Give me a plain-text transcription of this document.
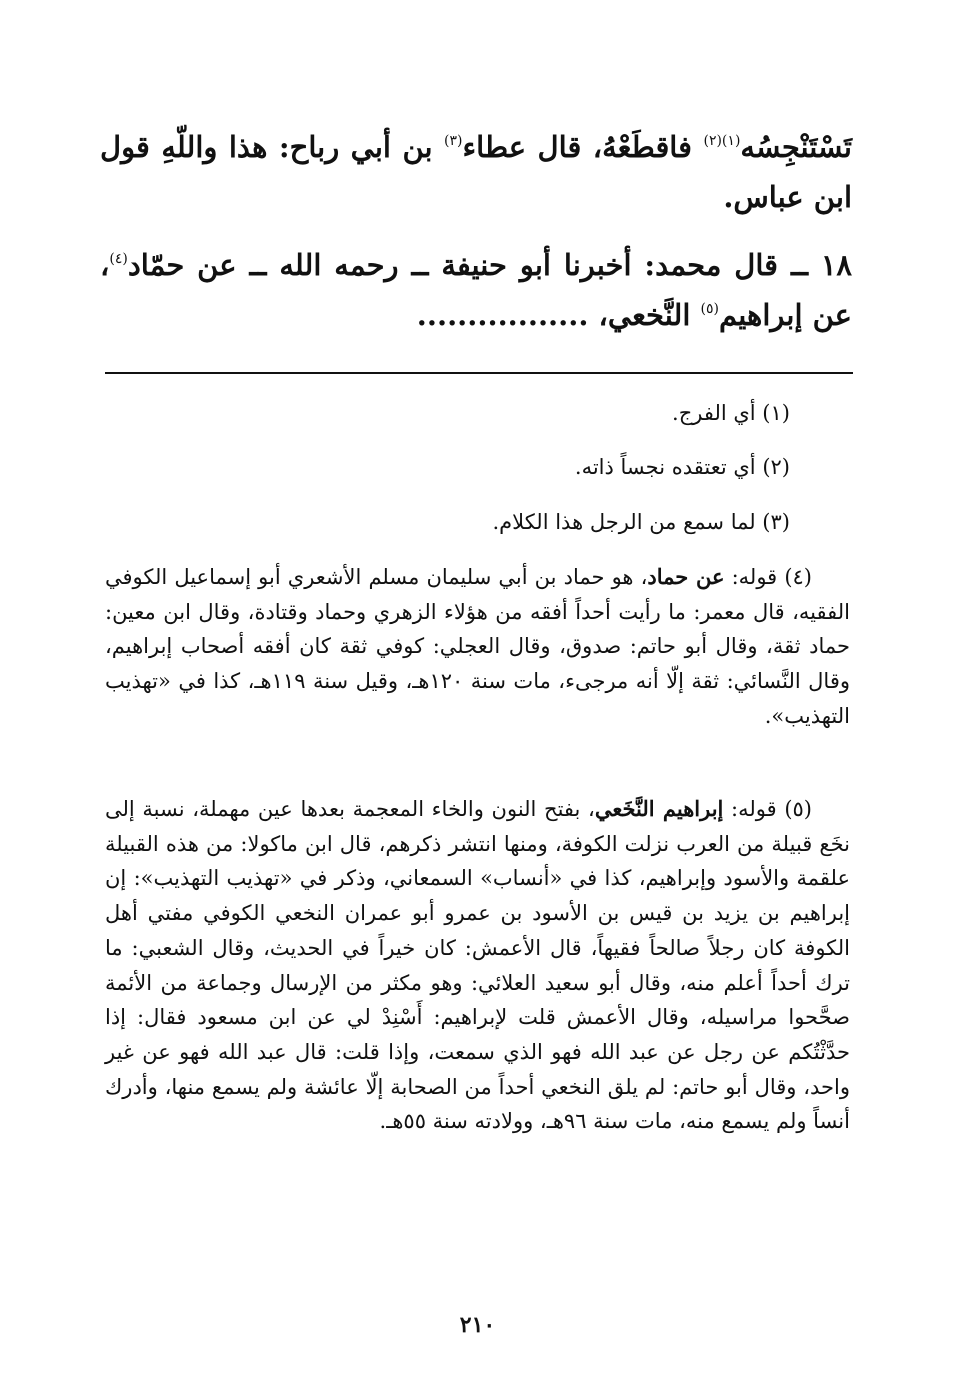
تَسْتَنْجِسُه$^{(١)(٢)}$ فاقطَعْهُ، قال عطاء$^{(٣)}$ بن أبي رباح: هذا واللّهِ قول ابن عباس.
١٨ ــ قال محمد: أخبرنا أبو حنيفة ــ رحمه الله ــ عن حمّاد$^{(٤)}$، عن إبراهيم$^{(٥)}$ النَّخعي، .................
(١) أي الفرج.
(٢) أي تعتقده نجساً ذاته.
(٣) لما سمع من الرجل هذا الكلام.
(٤) قوله: عن حماد، هو حماد بن أبي سليمان مسلم الأشعري أبو إسماعيل الكوفي الفقيه، قال معمر: ما رأيت أحداً أفقه من هؤلاء الزهري وحماد وقتادة، وقال ابن معين: حماد ثقة، وقال أبو حاتم: صدوق، وقال العجلي: كوفي ثقة كان أفقه أصحاب إبراهيم، وقال النَّسائي: ثقة إلّا أنه مرجىء، مات سنة ١٢٠هـ، وقيل سنة ١١٩هـ، كذا في «تهذيب التهذيب».
(٥) قوله: إبراهيم النَّخَعي، بفتح النون والخاء المعجمة بعدها عين مهملة، نسبة إلى نخَع قبيلة من العرب نزلت الكوفة، ومنها انتشر ذكرهم، قال ابن ماكولا: من هذه القبيلة علقمة والأسود وإبراهيم، كذا في «أنساب» السمعاني، وذكر في «تهذيب التهذيب»: إن إبراهيم بن يزيد بن قيس بن الأسود بن عمرو أبو عمران النخعي الكوفي مفتي أهل الكوفة كان رجلاً صالحاً فقيهاً، قال الأعمش: كان خيراً في الحديث، وقال الشعبي: ما ترك أحداً أعلم منه، وقال أبو سعيد العلائي: وهو مكثر من الإرسال وجماعة من الأئمة صحَّحوا مراسيله، وقال الأعمش قلت لإبراهيم: أَسْنِدْ لي عن ابن مسعود فقال: إذا حدَّثْتُكم عن رجل عن عبد الله فهو الذي سمعت، وإذا قلت: قال عبد الله فهو عن غير واحد، وقال أبو حاتم: لم يلق النخعي أحداً من الصحابة إلّا عائشة ولم يسمع منها، وأدرك أنساً ولم يسمع منه، مات سنة ٩٦هـ، وولادته سنة ٥٥هـ.
٢١٠
